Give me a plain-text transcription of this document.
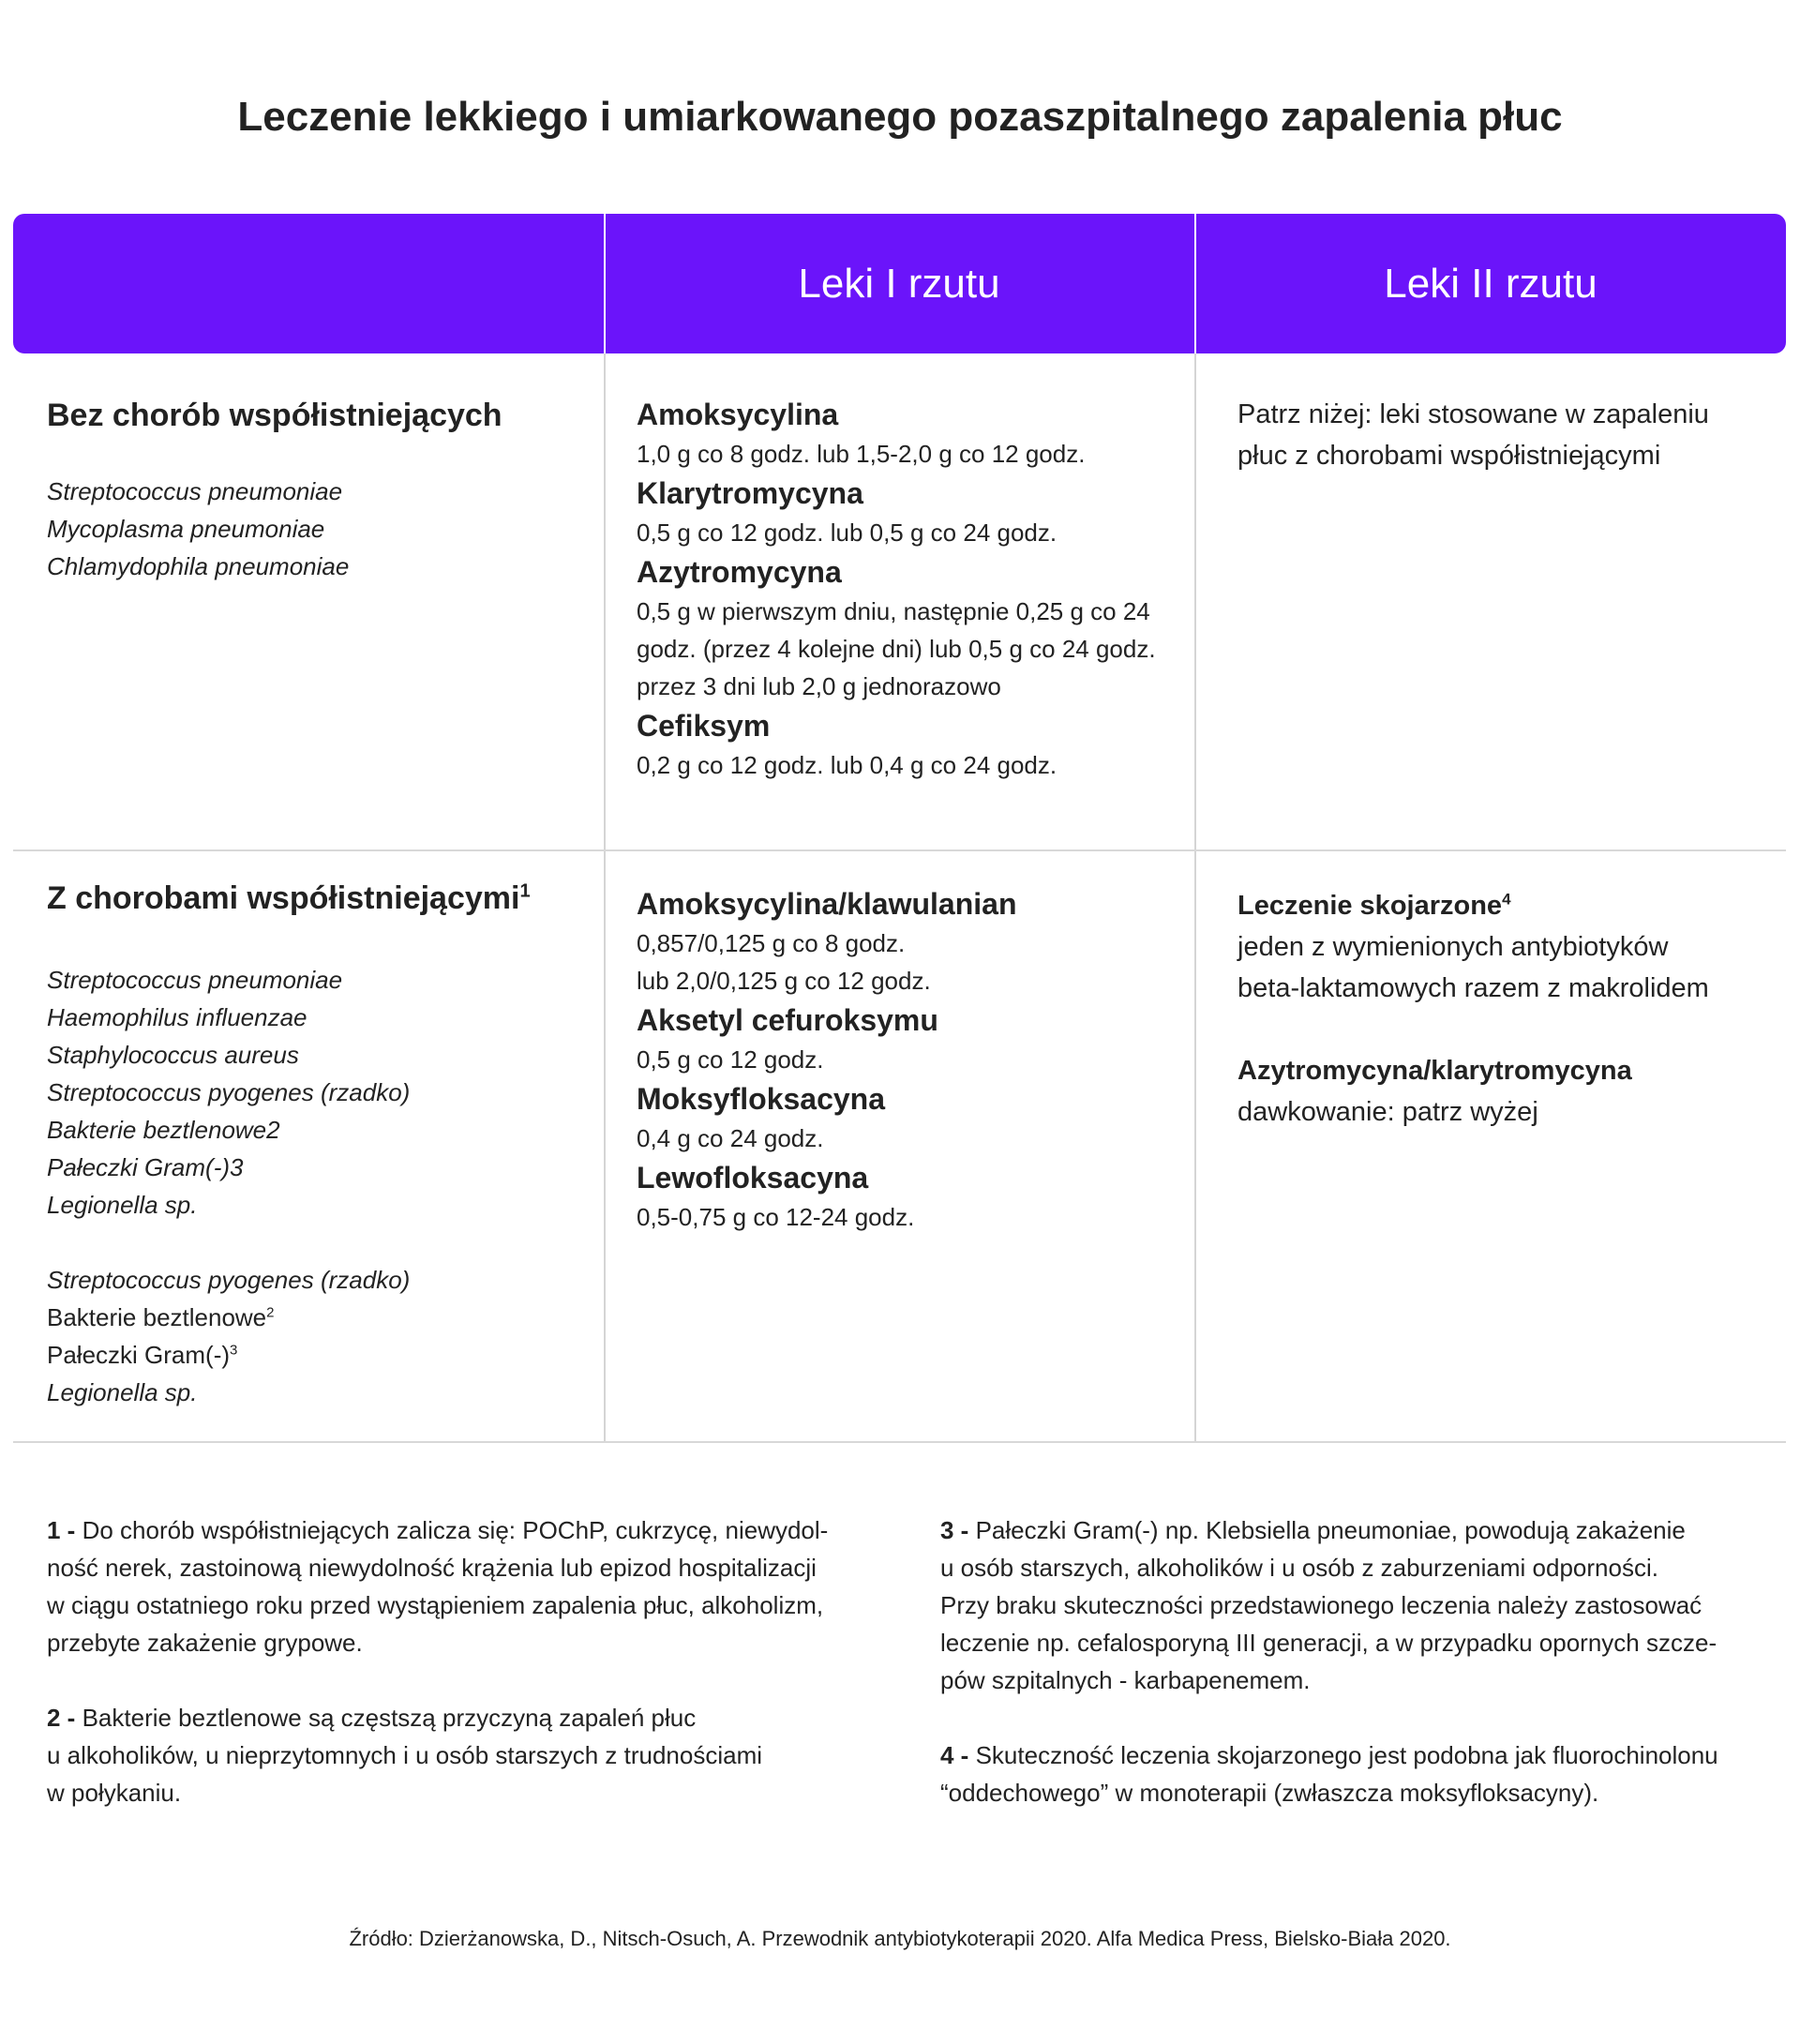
Leczenie lekkiego i umiarkowanego pozaszpitalnego zapalenia płuc
Leki I rzutu	Leki II rzutu

Bez chorób współistniejących

Streptococcus pneumoniae
Mycoplasma pneumoniae
Chlamydophila pneumoniae
Amoksycylina
1,0 g co 8 godz. lub 1,5-2,0 g co 12 godz.
Klarytromycyna
0,5 g co 12 godz. lub 0,5 g co 24 godz.
Azytromycyna
0,5 g w pierwszym dniu, następnie 0,25 g co 24
godz. (przez 4 kolejne dni) lub 0,5 g co 24 godz.
przez 3 dni lub 2,0 g jednorazowo
Cefiksym
0,2 g co 12 godz. lub 0,4 g co 24 godz.

Patrz niżej: leki stosowane w zapaleniu

płuc z chorobami współistniejącymi

Z chorobami współistniejącymi$^1$

Streptococcus pneumoniae
Haemophilus influenzae
Staphylococcus aureus
Streptococcus pyogenes (rzadko)
Bakterie beztlenowe2
Pałeczki Gram(-)3
Legionella sp.
Streptococcus pyogenes (rzadko)
Bakterie beztlenowe$^2$
Pałeczki $Gram(-)^3$
Legionella sp.
Amoksycylina/klawulanian
0,857/0,125 g co 8 godz.
lub 2,0/0,125 g co 12 godz.
Aksetyl cefuroksymu
0,5 g co 12 godz.
Moksyfloksacyna
0,4 g co 24 godz.
Lewofloksacyna
0,5-0,75 g co 12-24 godz.
Leczenie skojarzone$^4$

jeden z wymienionych antybiotyków

beta-laktamowych razem z makrolidem

Azytromycyna/klarytromycyna

dawkowanie: patrz wyżej

1 - Do chorób współistniejących zalicza się: POChP, cukrzycę, niewydol-
ność nerek, zastoinową niewydolność krążenia lub epizod hospitalizacji
w ciągu ostatniego roku przed wystąpieniem zapalenia płuc, alkoholizm,
przebyte zakażenie grypowe.
2 - Bakterie beztlenowe są częstszą przyczyną zapaleń płuc
u alkoholików, u nieprzytomnych i u osób starszych z trudnościami
w połykaniu.
3 - Pałeczki Gram(-) np. Klebsiella pneumoniae, powodują zakażenie
u osób starszych, alkoholików i u osób z zaburzeniami odporności.
Przy braku skuteczności przedstawionego leczenia należy zastosować
leczenie np. cefalosporyną III generacji, a w przypadku opornych szcze-
pów szpitalnych - karbapenemem.
4 - Skuteczność leczenia skojarzonego jest podobna jak fluorochinolonu
“oddechowego” w monoterapii (zwłaszcza moksyfloksacyny).
Źródło: Dzierżanowska, D., Nitsch-Osuch, A. Przewodnik antybiotykoterapii 2020. Alfa Medica Press, Bielsko-Biała 2020.
